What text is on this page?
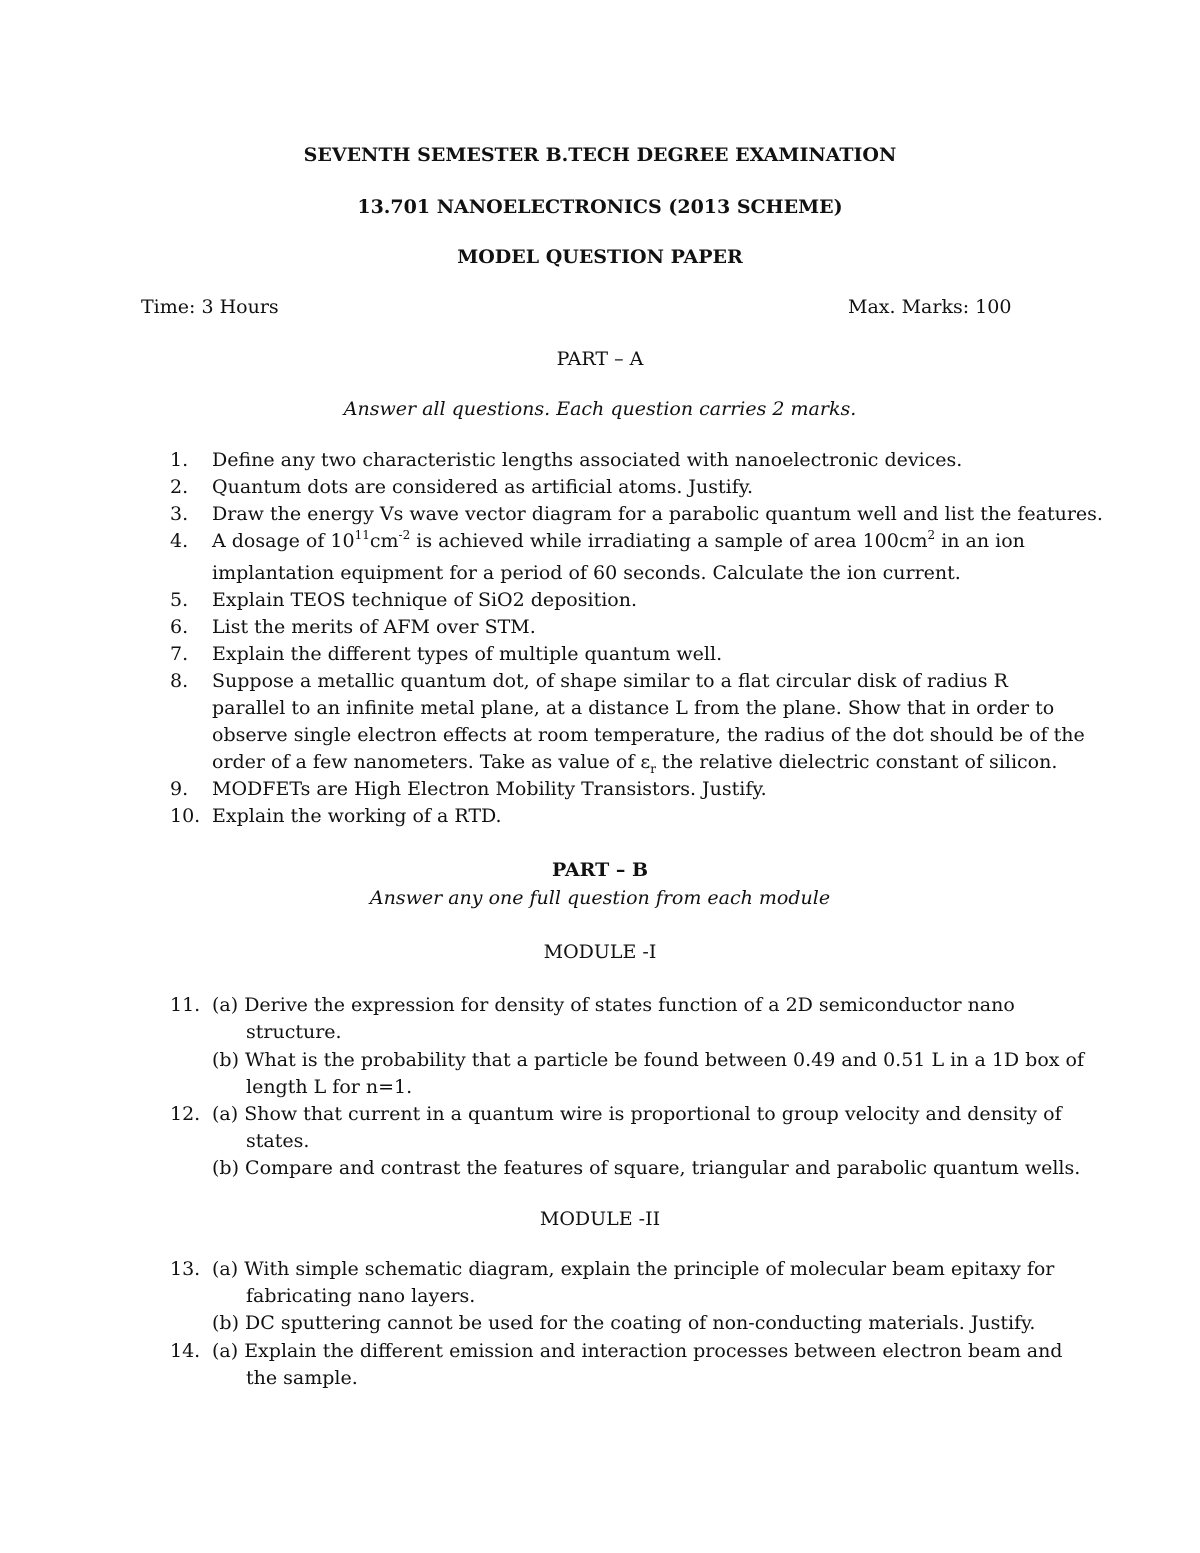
SEVENTH SEMESTER B.TECH DEGREE EXAMINATION
13.701 NANOELECTRONICS (2013 SCHEME)
MODEL QUESTION PAPER
Time: 3 Hours	Max. Marks: 100
PART – A
Answer all questions. Each question carries 2 marks.
1.	Define any two characteristic lengths associated with nanoelectronic devices.
2.	Quantum dots are considered as artificial atoms. Justify.
3.	Draw the energy Vs wave vector diagram for a parabolic quantum well and list the features.
4.	A dosage of $10^{11}cm^{-2}$ is achieved while irradiating a sample of area $100cm^2$ in an ion
implantation equipment for a period of 60 seconds. Calculate the ion current.
5.	Explain TEOS technique of SiO2 deposition.
6.	List the merits of AFM over STM.
7.	Explain the different types of multiple quantum well.
8.	Suppose a metallic quantum dot, of shape similar to a flat circular disk of radius R
parallel to an infinite metal plane, at a distance L from the plane. Show that in order to
observe single electron effects at room temperature, the radius of the dot should be of the
order of a few nanometers. Take as value of $\varepsilon_r$ the relative dielectric constant of silicon.
9.	MODFETs are High Electron Mobility Transistors. Justify.
10. Explain the working of a RTD.
PART – B
Answer any one full question from each module
MODULE -I
11. (a) Derive the expression for density of states function of a 2D semiconductor nano
structure.
(b) What is the probability that a particle be found between 0.49 and 0.51 L in a 1D box of
length L for n=1.
12. (a) Show that current in a quantum wire is proportional to group velocity and density of
states.
(b) Compare and contrast the features of square, triangular and parabolic quantum wells.
MODULE -II
13. (a) With simple schematic diagram, explain the principle of molecular beam epitaxy for
fabricating nano layers.
(b) DC sputtering cannot be used for the coating of non-conducting materials. Justify.
14. (a) Explain the different emission and interaction processes between electron beam and
the sample.
